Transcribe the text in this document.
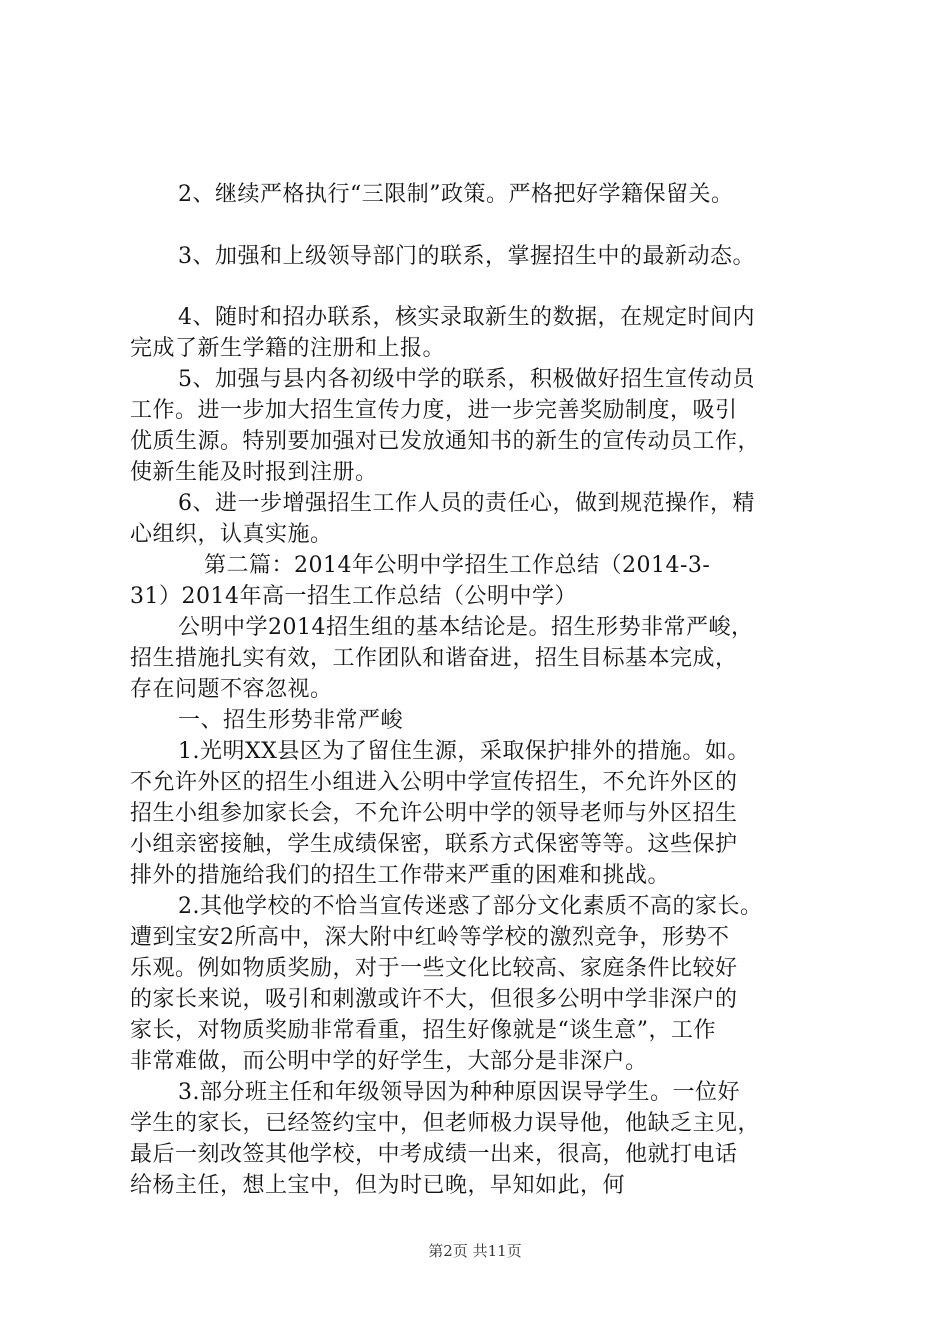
2、继续严格执行“三限制”政策。严格把好学籍保留关。
3、加强和上级领导部门的联系，掌握招生中的最新动态。
4、随时和招办联系，核实录取新生的数据，在规定时间内
完成了新生学籍的注册和上报。
5、加强与县内各初级中学的联系，积极做好招生宣传动员
工作。进一步加大招生宣传力度，进一步完善奖励制度，吸引
优质生源。特别要加强对已发放通知书的新生的宣传动员工作，
使新生能及时报到注册。
6、进一步增强招生工作人员的责任心，做到规范操作，精
心组织，认真实施。
第二篇：2014年公明中学招生工作总结（2014-3-
31）2014年高一招生工作总结（公明中学）
公明中学2014招生组的基本结论是。招生形势非常严峻，
招生措施扎实有效，工作团队和谐奋进，招生目标基本完成，
存在问题不容忽视。
一、招生形势非常严峻
1.光明XX县区为了留住生源，采取保护排外的措施。如。
不允许外区的招生小组进入公明中学宣传招生，不允许外区的
招生小组参加家长会，不允许公明中学的领导老师与外区招生
小组亲密接触，学生成绩保密，联系方式保密等等。这些保护
排外的措施给我们的招生工作带来严重的困难和挑战。
2.其他学校的不恰当宣传迷惑了部分文化素质不高的家长。
遭到宝安2所高中，深大附中红岭等学校的激烈竞争，形势不
乐观。例如物质奖励，对于一些文化比较高、家庭条件比较好
的家长来说，吸引和刺激或许不大，但很多公明中学非深户的
家长，对物质奖励非常看重，招生好像就是“谈生意”，工作
非常难做，而公明中学的好学生，大部分是非深户。
3.部分班主任和年级领导因为种种原因误导学生。一位好
学生的家长，已经签约宝中，但老师极力误导他，他缺乏主见，
最后一刻改签其他学校，中考成绩一出来，很高，他就打电话
给杨主任，想上宝中，但为时已晚，早知如此，何
第2页 共11页
